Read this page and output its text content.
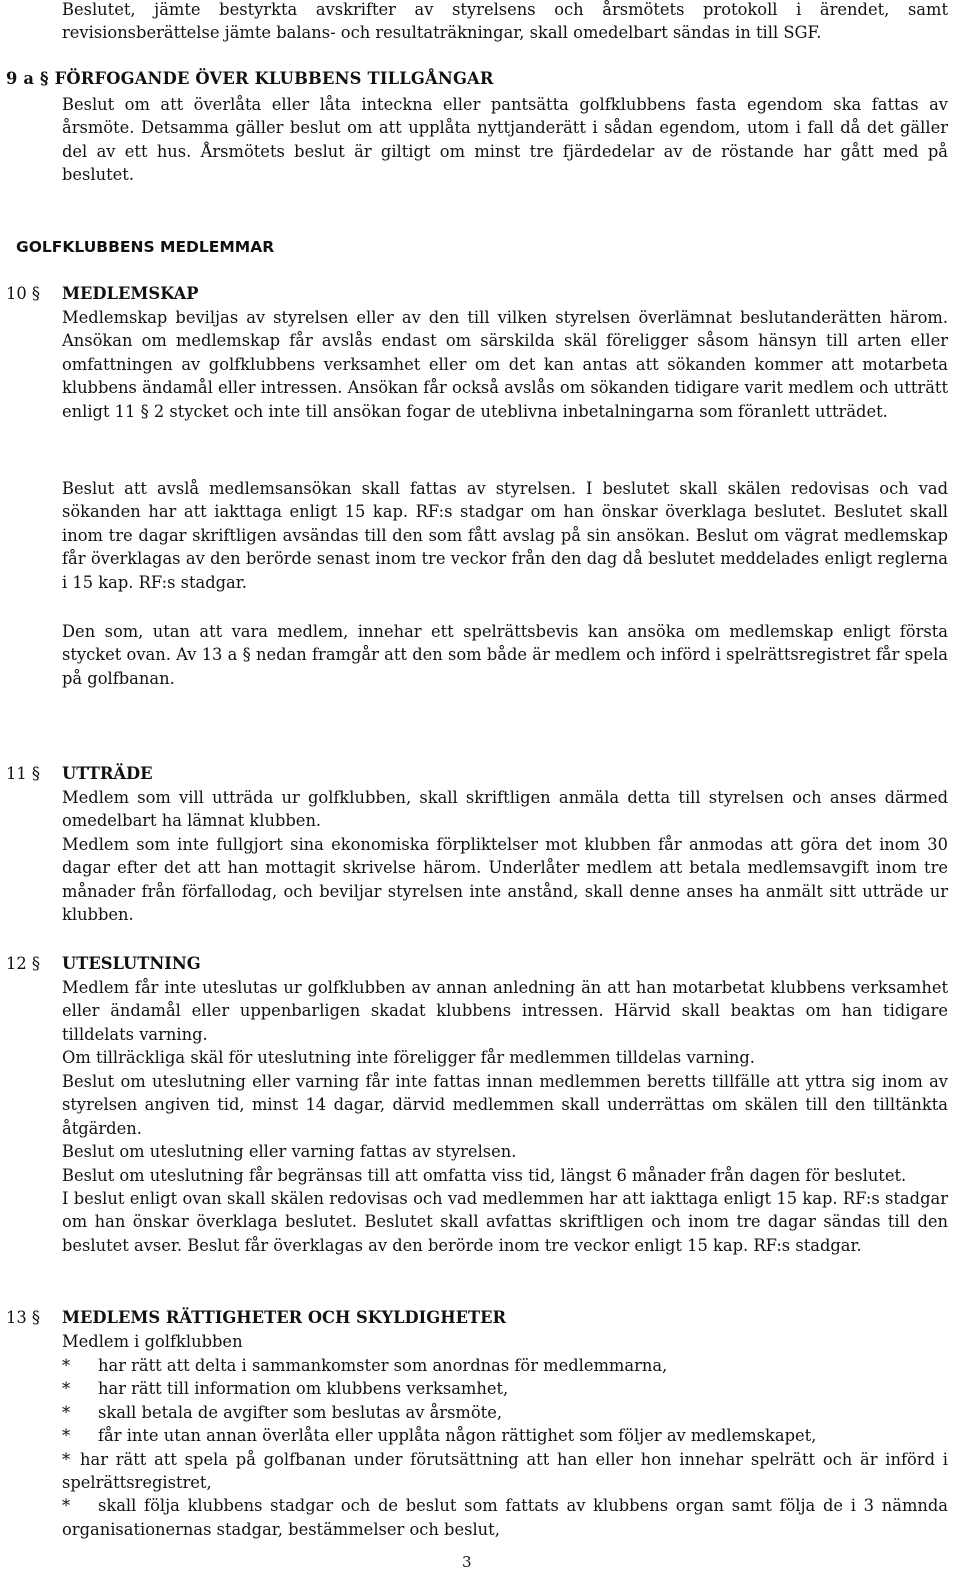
Beslutet, jämte bestyrkta avskrifter av styrelsens och årsmötets protokoll i ärendet, samt revisionsberättelse jämte balans- och resultaträkningar, skall omedelbart sändas in till SGF.

9 a § FÖRFOGANDE ÖVER KLUBBENS TILLGÅNGAR

Beslut om att överlåta eller låta inteckna eller pantsätta golfklubbens fasta egendom ska fattas av årsmöte. Detsamma gäller beslut om att upplåta nyttjanderätt i sådan egendom, utom i fall då det gäller del av ett hus. Årsmötets beslut är giltigt om minst tre fjärdedelar av de röstande har gått med på beslutet.

GOLFKLUBBENS MEDLEMMAR
10 § MEDLEMSKAP

Medlemskap beviljas av styrelsen eller av den till vilken styrelsen överlämnat beslutanderätten härom. Ansökan om medlemskap får avslås endast om särskilda skäl föreligger såsom hänsyn till arten eller omfattningen av golfklubbens verksamhet eller om det kan antas att sökanden kommer att motarbeta klubbens ändamål eller intressen. Ansökan får också avslås om sökanden tidigare varit medlem och utträtt enligt 11 § 2 stycket och inte till ansökan fogar de uteblivna inbetalningarna som föranlett utträdet.

Beslut att avslå medlemsansökan skall fattas av styrelsen. I beslutet skall skälen redovisas och vad sökanden har att iakttaga enligt 15 kap. RF:s stadgar om han önskar överklaga beslutet. Beslutet skall inom tre dagar skriftligen avsändas till den som fått avslag på sin ansökan. Beslut om vägrat medlemskap får överklagas av den berörde senast inom tre veckor från den dag då beslutet meddelades enligt reglerna i 15 kap. RF:s stadgar.

Den som, utan att vara medlem, innehar ett spelrättsbevis kan ansöka om medlemskap enligt första stycket ovan. Av 13 a § nedan framgår att den som både är medlem och införd i spelrättsregistret får spela på golfbanan.

11 § UTTRÄDE

Medlem som vill utträda ur golfklubben, skall skriftligen anmäla detta till styrelsen och anses därmed omedelbart ha lämnat klubben.

Medlem som inte fullgjort sina ekonomiska förpliktelser mot klubben får anmodas att göra det inom 30 dagar efter det att han mottagit skrivelse härom. Underlåter medlem att betala medlemsavgift inom tre månader från förfallodag, och beviljar styrelsen inte anstånd, skall denne anses ha anmält sitt utträde ur klubben.

12 § UTESLUTNING

Medlem får inte uteslutas ur golfklubben av annan anledning än att han motarbetat klubbens verksamhet eller ändamål eller uppenbarligen skadat klubbens intressen. Härvid skall beaktas om han tidigare tilldelats varning.

Om tillräckliga skäl för uteslutning inte föreligger får medlemmen tilldelas varning.

Beslut om uteslutning eller varning får inte fattas innan medlemmen beretts tillfälle att yttra sig inom av styrelsen angiven tid, minst 14 dagar, därvid medlemmen skall underrättas om skälen till den tilltänkta åtgärden.

Beslut om uteslutning eller varning fattas av styrelsen.

Beslut om uteslutning får begränsas till att omfatta viss tid, längst 6 månader från dagen för beslutet.

I beslut enligt ovan skall skälen redovisas och vad medlemmen har att iakttaga enligt 15 kap. RF:s stadgar om han önskar överklaga beslutet. Beslutet skall avfattas skriftligen och inom tre dagar sändas till den beslutet avser. Beslut får överklagas av den berörde inom tre veckor enligt 15 kap. RF:s stadgar.

13 § MEDLEMS RÄTTIGHETER OCH SKYLDIGHETER

Medlem i golfklubben

* har rätt att delta i sammankomster som anordnas för medlemmarna,
* har rätt till information om klubbens verksamhet,
* skall betala de avgifter som beslutas av årsmöte,
* får inte utan annan överlåta eller upplåta någon rättighet som följer av medlemskapet,
* har rätt att spela på golfbanan under förutsättning att han eller hon innehar spelrätt och är införd i spelrättsregistret,
* skall följa klubbens stadgar och de beslut som fattats av klubbens organ samt följa de i 3 nämnda organisationernas stadgar, bestämmelser och beslut,
3
